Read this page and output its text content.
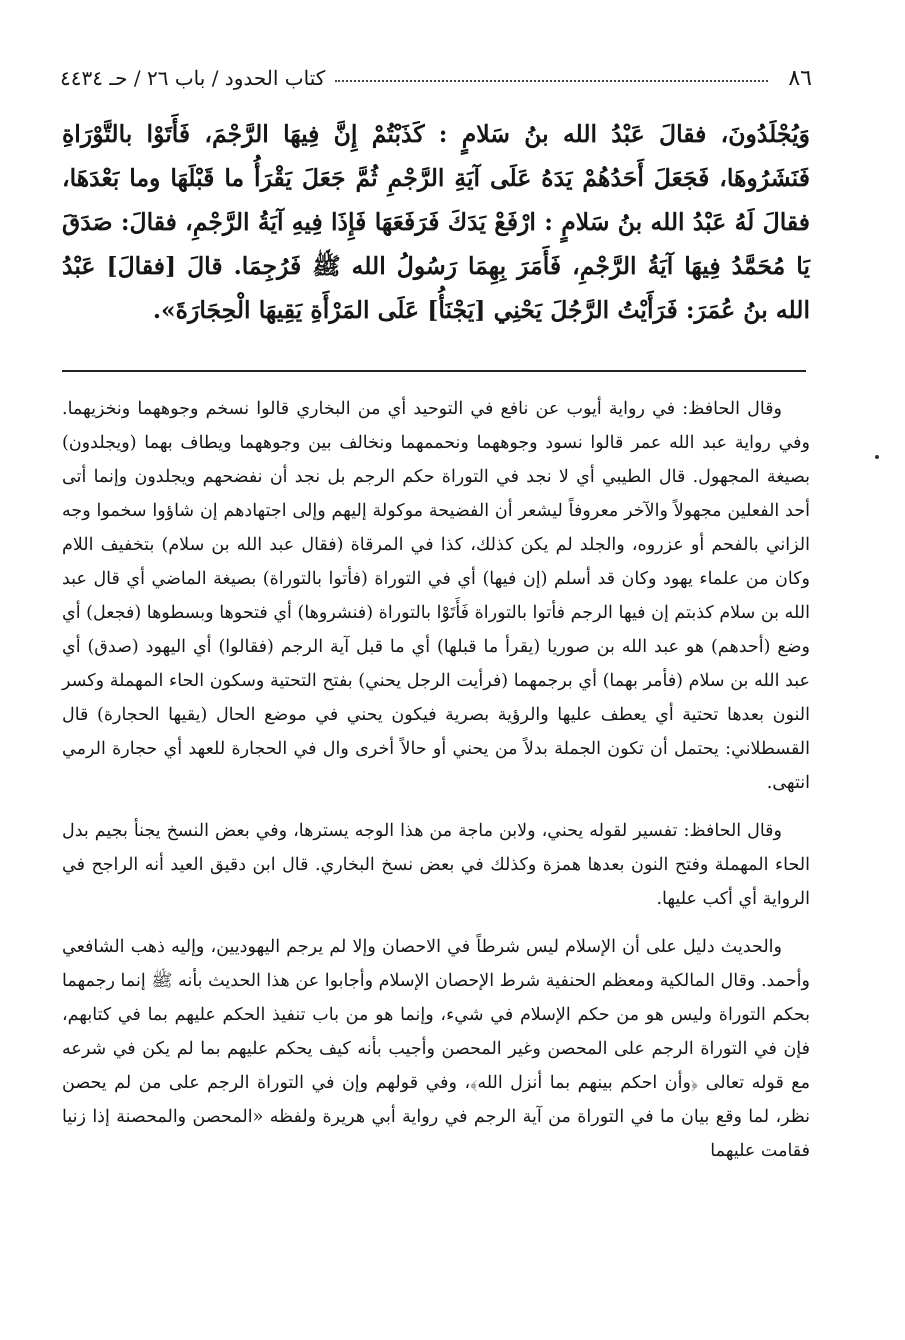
٨٦
كتاب الحدود / باب ٢٦ / حـ ٤٤٣٤

وَيُجْلَدُونَ، فقالَ عَبْدُ الله بنُ سَلامٍ : كَذَبْتُمْ إِنَّ فِيهَا الرَّجْمَ، فَأَتَوْا بالتَّوْرَاةِ فَنَشَرُوهَا، فَجَعَلَ أَحَدُهُمْ يَدَهُ عَلَى آيَةِ الرَّجْمِ ثُمَّ جَعَلَ يَقْرَأُ ما قَبْلَهَا وما بَعْدَهَا، فقالَ لَهُ عَبْدُ الله بنُ سَلامٍ : ارْفَعْ يَدَكَ فَرَفَعَهَا فَإِذَا فِيهِ آيَةُ الرَّجْمِ، فقالَ: صَدَقَ يَا مُحَمَّدُ فِيهَا آيَةُ الرَّجْمِ، فَأَمَرَ بِهِمَا رَسُولُ الله ﷺ فَرُجِمَا. قالَ [فقالَ] عَبْدُ الله بنُ عُمَرَ: فَرَأَيْتُ الرَّجُلَ يَحْنِي [يَجْنَأُ] عَلَى المَرْأَةِ يَقِيهَا الْحِجَارَةَ».

وقال الحافظ: في رواية أيوب عن نافع في التوحيد أي من البخاري قالوا نسخم وجوههما ونخزيهما. وفي رواية عبد الله عمر قالوا نسود وجوههما ونحممهما ونخالف بين وجوههما ويطاف بهما (ويجلدون) بصيغة المجهول. قال الطيبي أي لا نجد في التوراة حكم الرجم بل نجد أن نفضحهم ويجلدون وإنما أتى أحد الفعلين مجهولاً والآخر معروفاً ليشعر أن الفضيحة موكولة إليهم وإلى اجتهادهم إن شاؤوا سخموا وجه الزاني بالفحم أو عزروه، والجلد لم يكن كذلك، كذا في المرقاة (فقال عبد الله بن سلام) بتخفيف اللام وكان من علماء يهود وكان قد أسلم (إن فيها) أي في التوراة (فأتوا بالتوراة) بصيغة الماضي أي قال عبد الله بن سلام كذبتم إن فيها الرجم فأتوا بالتوراة فَأَتَوْا بالتوراة (فنشروها) أي فتحوها وبسطوها (فجعل) أي وضع (أحدهم) هو عبد الله بن صوريا (يقرأ ما قبلها) أي ما قبل آية الرجم (فقالوا) أي اليهود (صدق) أي عبد الله بن سلام (فأمر بهما) أي برجمهما (فرأيت الرجل يحني) بفتح التحتية وسكون الحاء المهملة وكسر النون بعدها تحتية أي يعطف عليها والرؤية بصرية فيكون يحني في موضع الحال (يقيها الحجارة) قال القسطلاني: يحتمل أن تكون الجملة بدلاً من يحني أو حالاً أخرى وال في الحجارة للعهد أي حجارة الرمي انتهى.

وقال الحافظ: تفسير لقوله يحني، ولابن ماجة من هذا الوجه يسترها، وفي بعض النسخ يجنأ بجيم بدل الحاء المهملة وفتح النون بعدها همزة وكذلك في بعض نسخ البخاري. قال ابن دقيق العيد أنه الراجح في الرواية أي أكب عليها.

والحديث دليل على أن الإسلام ليس شرطاً في الاحصان وإلا لم يرجم اليهوديين، وإليه ذهب الشافعي وأحمد. وقال المالكية ومعظم الحنفية شرط الإحصان الإسلام وأجابوا عن هذا الحديث بأنه ﷺ إنما رجمهما بحكم التوراة وليس هو من حكم الإسلام في شيء، وإنما هو من باب تنفيذ الحكم عليهم بما في كتابهم، فإن في التوراة الرجم على المحصن وغير المحصن وأجيب بأنه كيف يحكم عليهم بما لم يكن في شرعه مع قوله تعالى ﴿وأن احكم بينهم بما أنزل الله﴾، وفي قولهم وإن في التوراة الرجم على من لم يحصن نظر، لما وقع بيان ما في التوراة من آية الرجم في رواية أبي هريرة ولفظه «المحصن والمحصنة إذا زنيا فقامت عليهما
